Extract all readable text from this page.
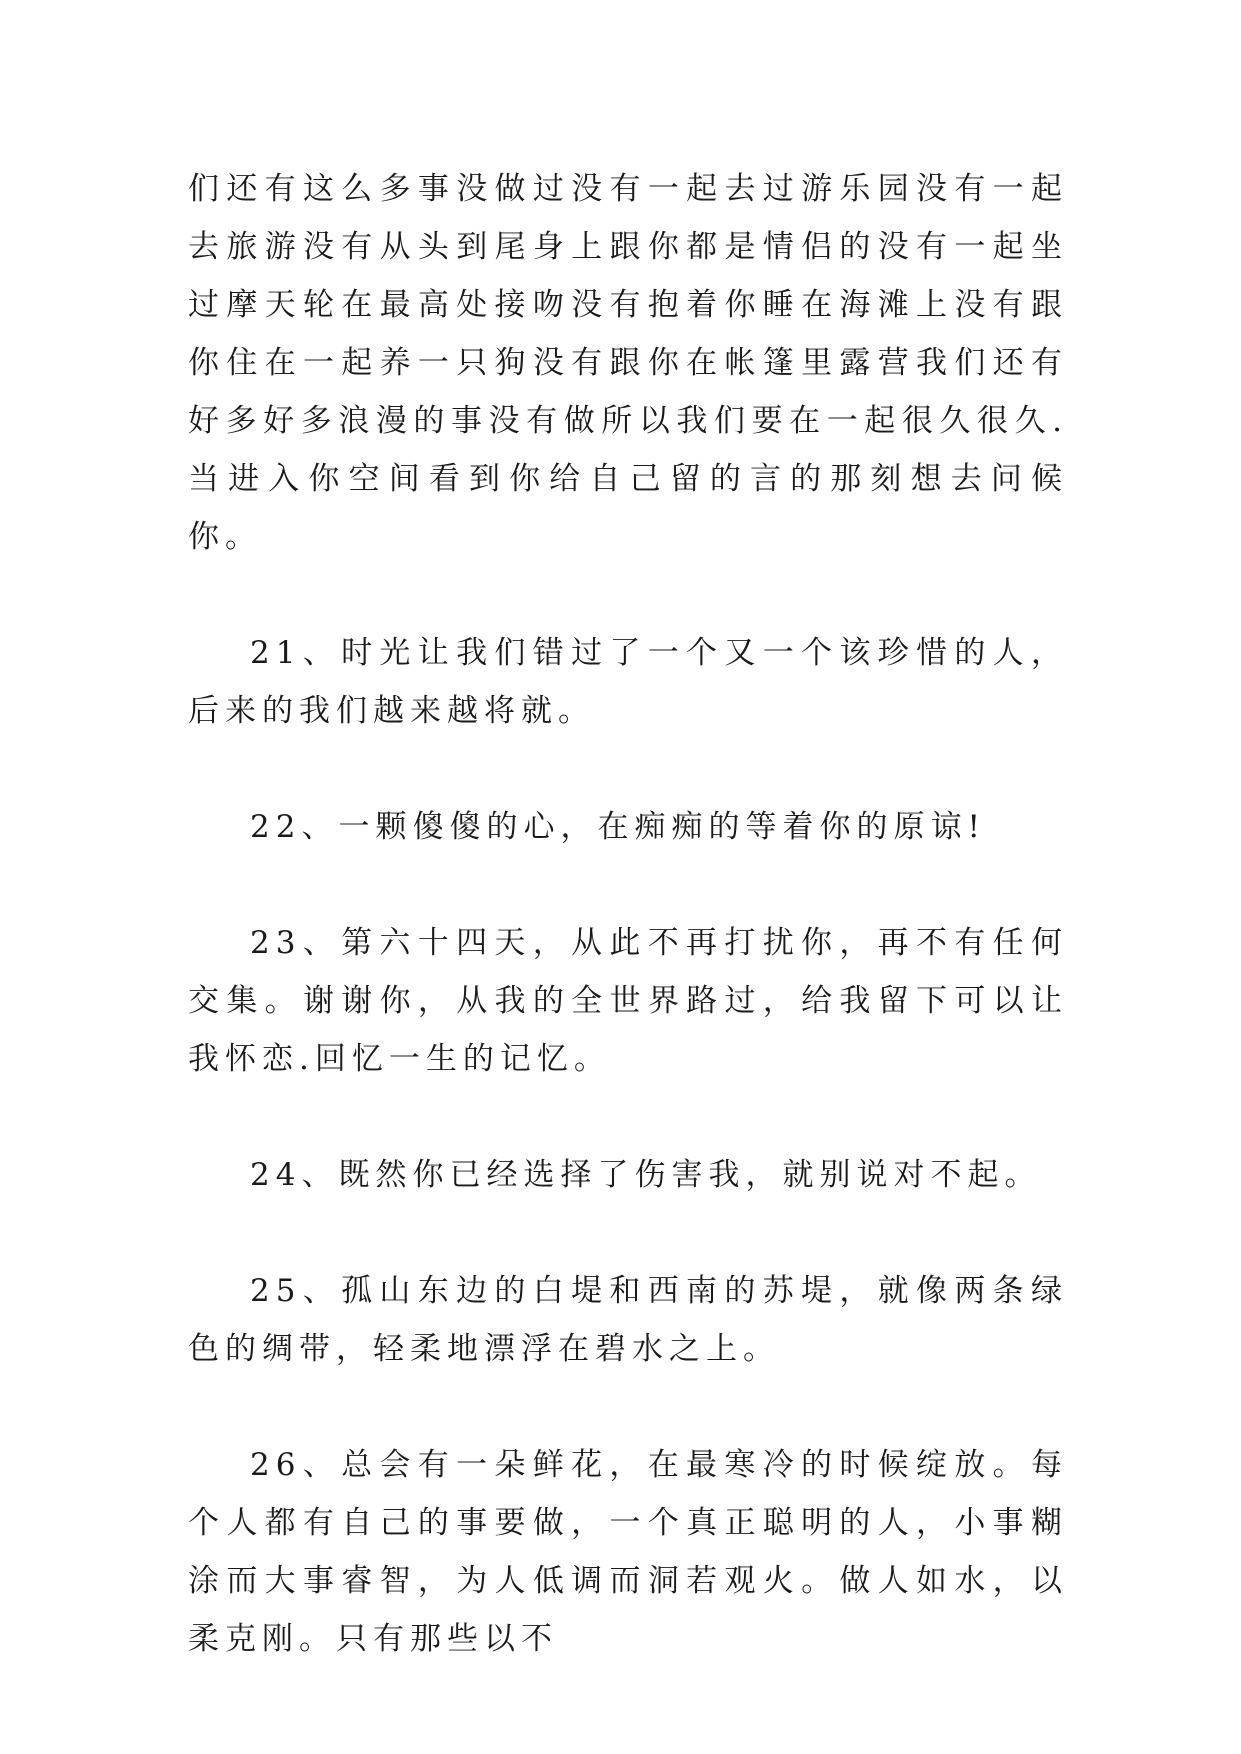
们还有这么多事没做过没有一起去过游乐园没有一起去旅游没有从头到尾身上跟你都是情侣的没有一起坐过摩天轮在最高处接吻没有抱着你睡在海滩上没有跟你住在一起养一只狗没有跟你在帐篷里露营我们还有好多好多浪漫的事没有做所以我们要在一起很久很久.当进入你空间看到你给自己留的言的那刻想去问候你。

21、时光让我们错过了一个又一个该珍惜的人，后来的我们越来越将就。

22、一颗傻傻的心，在痴痴的等着你的原谅!

23、第六十四天，从此不再打扰你，再不有任何交集。谢谢你，从我的全世界路过，给我留下可以让我怀恋.回忆一生的记忆。

24、既然你已经选择了伤害我，就别说对不起。

25、孤山东边的白堤和西南的苏堤，就像两条绿色的绸带，轻柔地漂浮在碧水之上。

26、总会有一朵鲜花，在最寒冷的时候绽放。每个人都有自己的事要做，一个真正聪明的人，小事糊涂而大事睿智，为人低调而洞若观火。做人如水，以柔克刚。只有那些以不
